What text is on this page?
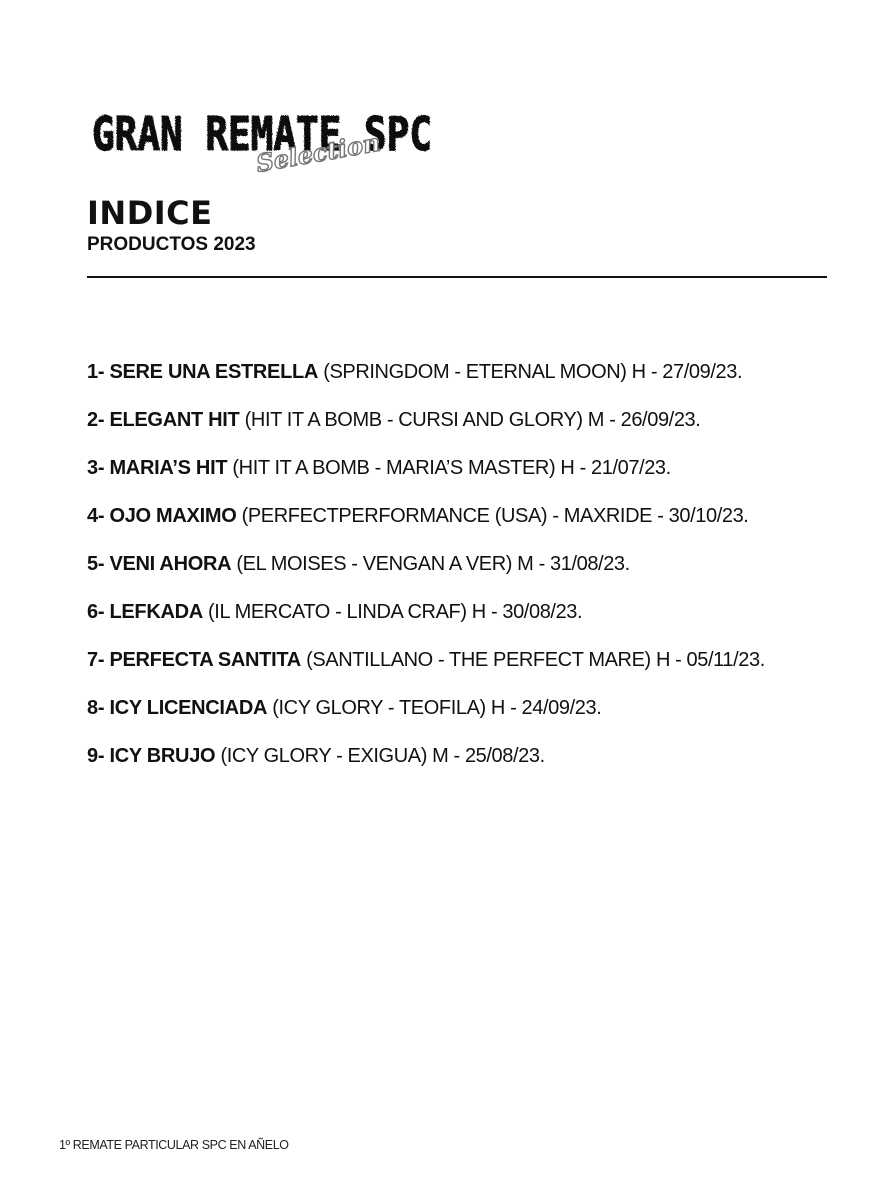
GRAN REMATE SPC
Selection
INDICE
PRODUCTOS 2023
1- SERE UNA ESTRELLA (SPRINGDOM - ETERNAL MOON) H - 27/09/23.
2- ELEGANT HIT (HIT IT A BOMB - CURSI AND GLORY) M - 26/09/23.
3- MARIA’S HIT (HIT IT A BOMB - MARIA’S MASTER) H - 21/07/23.
4- OJO MAXIMO (PERFECTPERFORMANCE (USA) - MAXRIDE - 30/10/23.
5- VENI AHORA (EL MOISES - VENGAN A VER) M - 31/08/23.
6- LEFKADA (IL MERCATO - LINDA CRAF) H - 30/08/23.
7- PERFECTA SANTITA (SANTILLANO - THE PERFECT MARE) H - 05/11/23.
8- ICY LICENCIADA (ICY GLORY - TEOFILA) H - 24/09/23.
9- ICY BRUJO (ICY GLORY - EXIGUA) M - 25/08/23.
1º REMATE PARTICULAR SPC EN AÑELO
